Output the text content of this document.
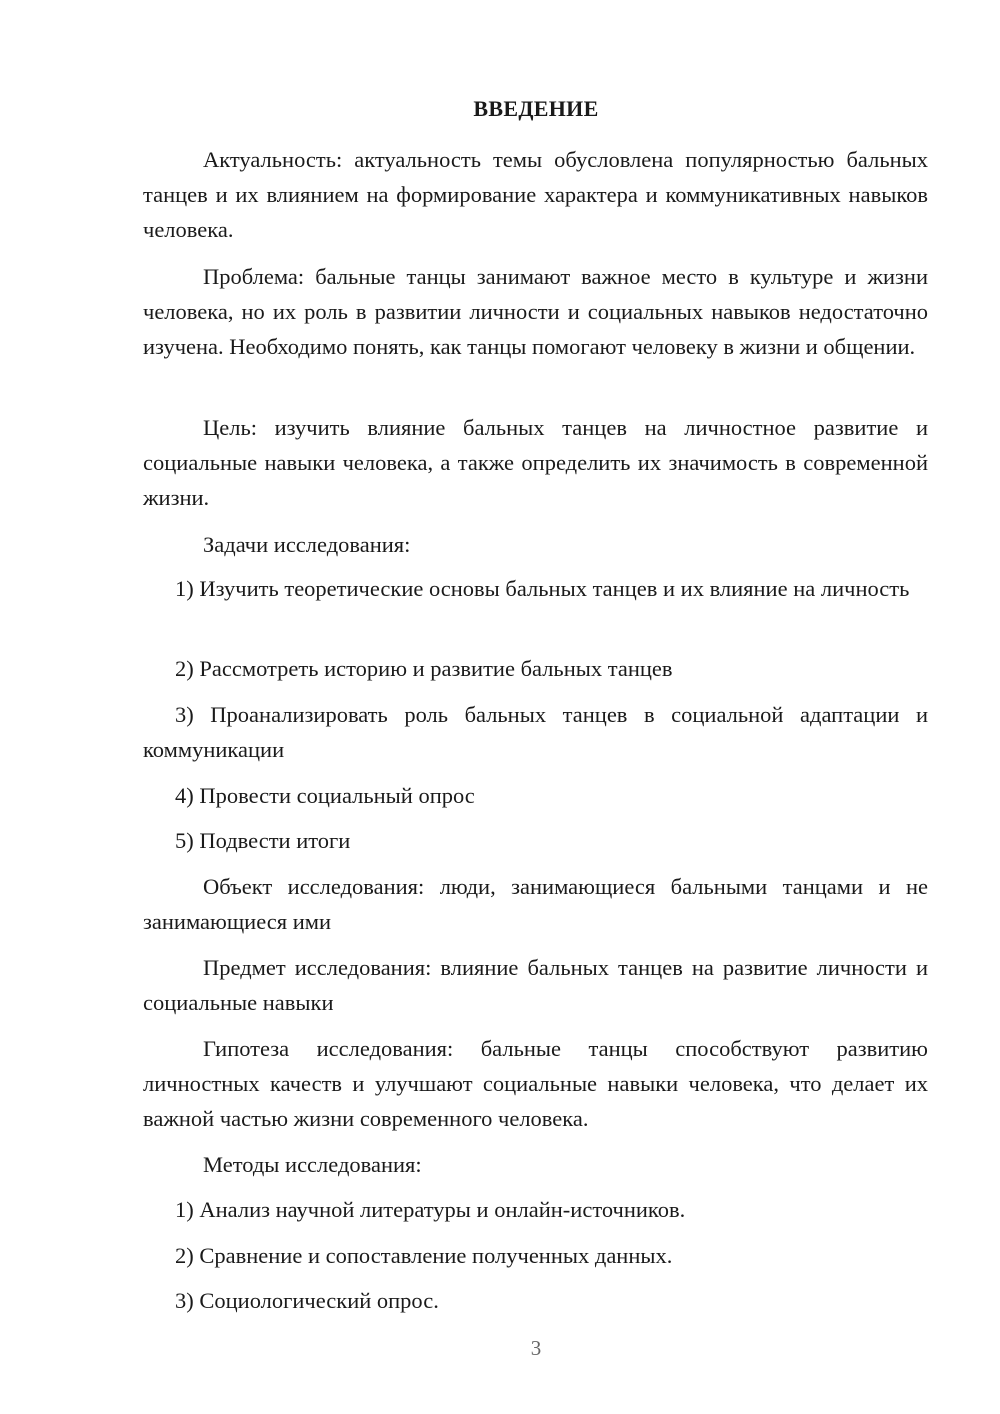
ВВЕДЕНИЕ
Актуальность: актуальность темы обусловлена популярностью бальных танцев и их влиянием на формирование характера и коммуникативных навыков человека.
Проблема: бальные танцы занимают важное место в культуре и жизни человека, но их роль в развитии личности и социальных навыков недостаточно изучена. Необходимо понять, как танцы помогают человеку в жизни и общении.
Цель: изучить влияние бальных танцев на личностное развитие и социальные навыки человека, а также определить их значимость в современной жизни.
Задачи исследования:
1) Изучить теоретические основы бальных танцев и их влияние на личность
2) Рассмотреть историю и развитие бальных танцев
3) Проанализировать роль бальных танцев в социальной адаптации и коммуникации
4) Провести социальный опрос
5) Подвести итоги
Объект исследования: люди, занимающиеся бальными танцами и не занимающиеся ими
Предмет исследования: влияние бальных танцев на развитие личности и социальные навыки
Гипотеза исследования: бальные танцы способствуют развитию личностных качеств и улучшают социальные навыки человека, что делает их важной частью жизни современного человека.
Методы исследования:
1) Анализ научной литературы и онлайн-источников.
2) Сравнение и сопоставление полученных данных.
3) Социологический опрос.
3
